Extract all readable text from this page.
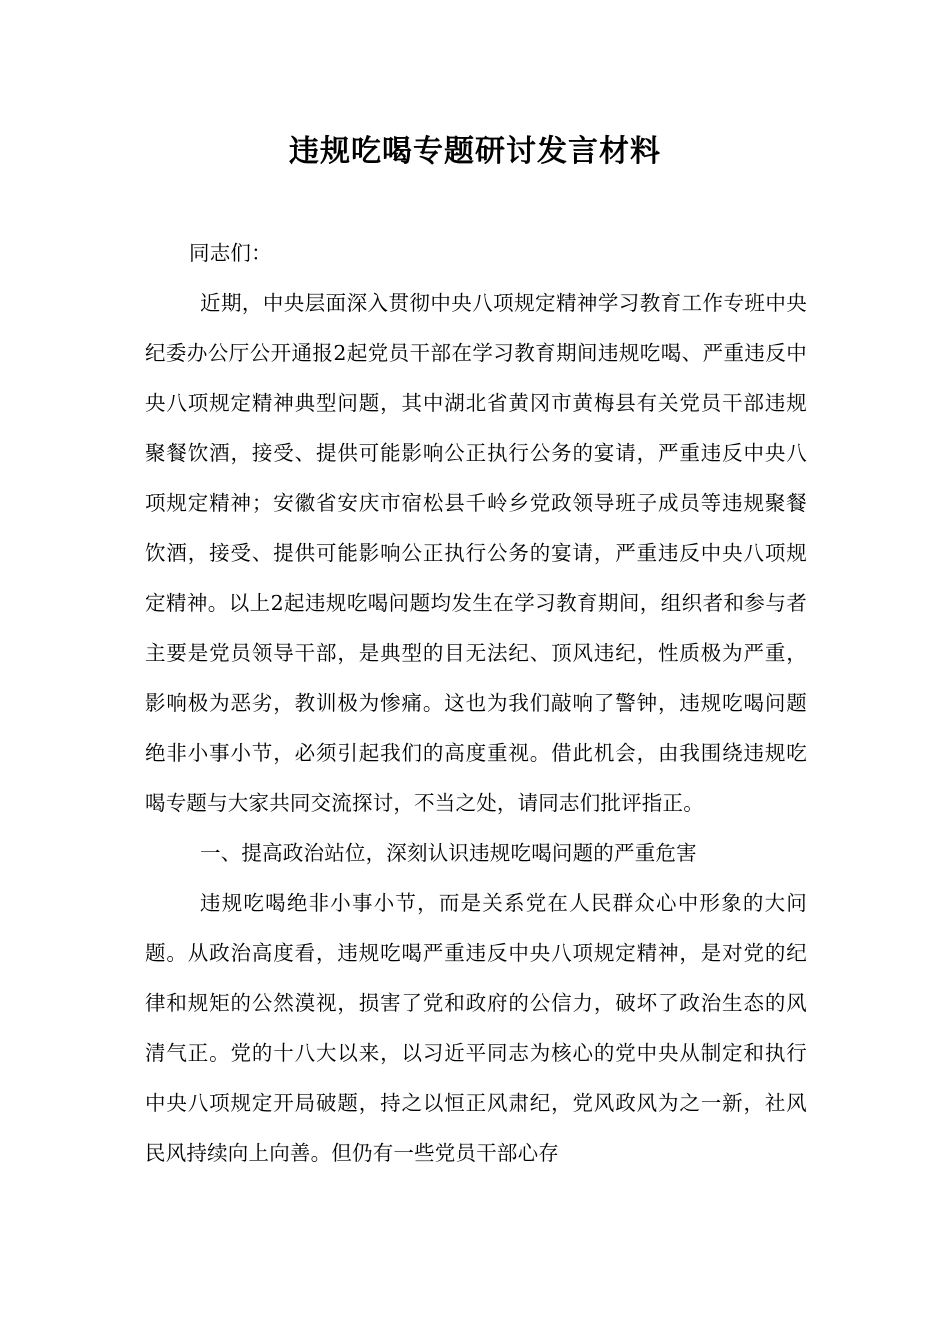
违规吃喝专题研讨发言材料

同志们：

近期，中央层面深入贯彻中央八项规定精神学习教育工作专班中央纪委办公厅公开通报2起党员干部在学习教育期间违规吃喝、严重违反中央八项规定精神典型问题，其中湖北省黄冈市黄梅县有关党员干部违规聚餐饮酒，接受、提供可能影响公正执行公务的宴请，严重违反中央八项规定精神；安徽省安庆市宿松县千岭乡党政领导班子成员等违规聚餐饮酒，接受、提供可能影响公正执行公务的宴请，严重违反中央八项规定精神。以上2起违规吃喝问题均发生在学习教育期间，组织者和参与者主要是党员领导干部，是典型的目无法纪、顶风违纪，性质极为严重，影响极为恶劣，教训极为惨痛。这也为我们敲响了警钟，违规吃喝问题绝非小事小节，必须引起我们的高度重视。借此机会，由我围绕违规吃喝专题与大家共同交流探讨，不当之处，请同志们批评指正。

一、提高政治站位，深刻认识违规吃喝问题的严重危害

违规吃喝绝非小事小节，而是关系党在人民群众心中形象的大问题。从政治高度看，违规吃喝严重违反中央八项规定精神，是对党的纪律和规矩的公然漠视，损害了党和政府的公信力，破坏了政治生态的风清气正。党的十八大以来，以习近平同志为核心的党中央从制定和执行中央八项规定开局破题，持之以恒正风肃纪，党风政风为之一新，社风民风持续向上向善。但仍有一些党员干部心存
